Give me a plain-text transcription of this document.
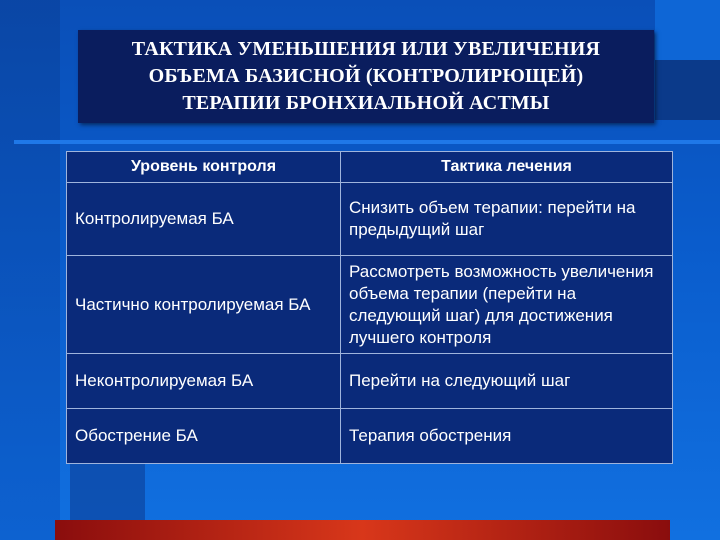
ТАКТИКА УМЕНЬШЕНИЯ ИЛИ УВЕЛИЧЕНИЯ
ОБЪЕМА БАЗИСНОЙ (КОНТРОЛИРЮЩЕЙ)
ТЕРАПИИ БРОНХИАЛЬНОЙ АСТМЫ
Уровень контроля	Тактика лечения
Контролируемая БА	Снизить объем терапии: перейти на предыдущий шаг
Частично контролируемая БА	Рассмотреть возможность увеличения объема терапии (перейти на следующий шаг) для достижения лучшего контроля
Неконтролируемая БА	Перейти на следующий шаг
Обострение БА	Терапия обострения
